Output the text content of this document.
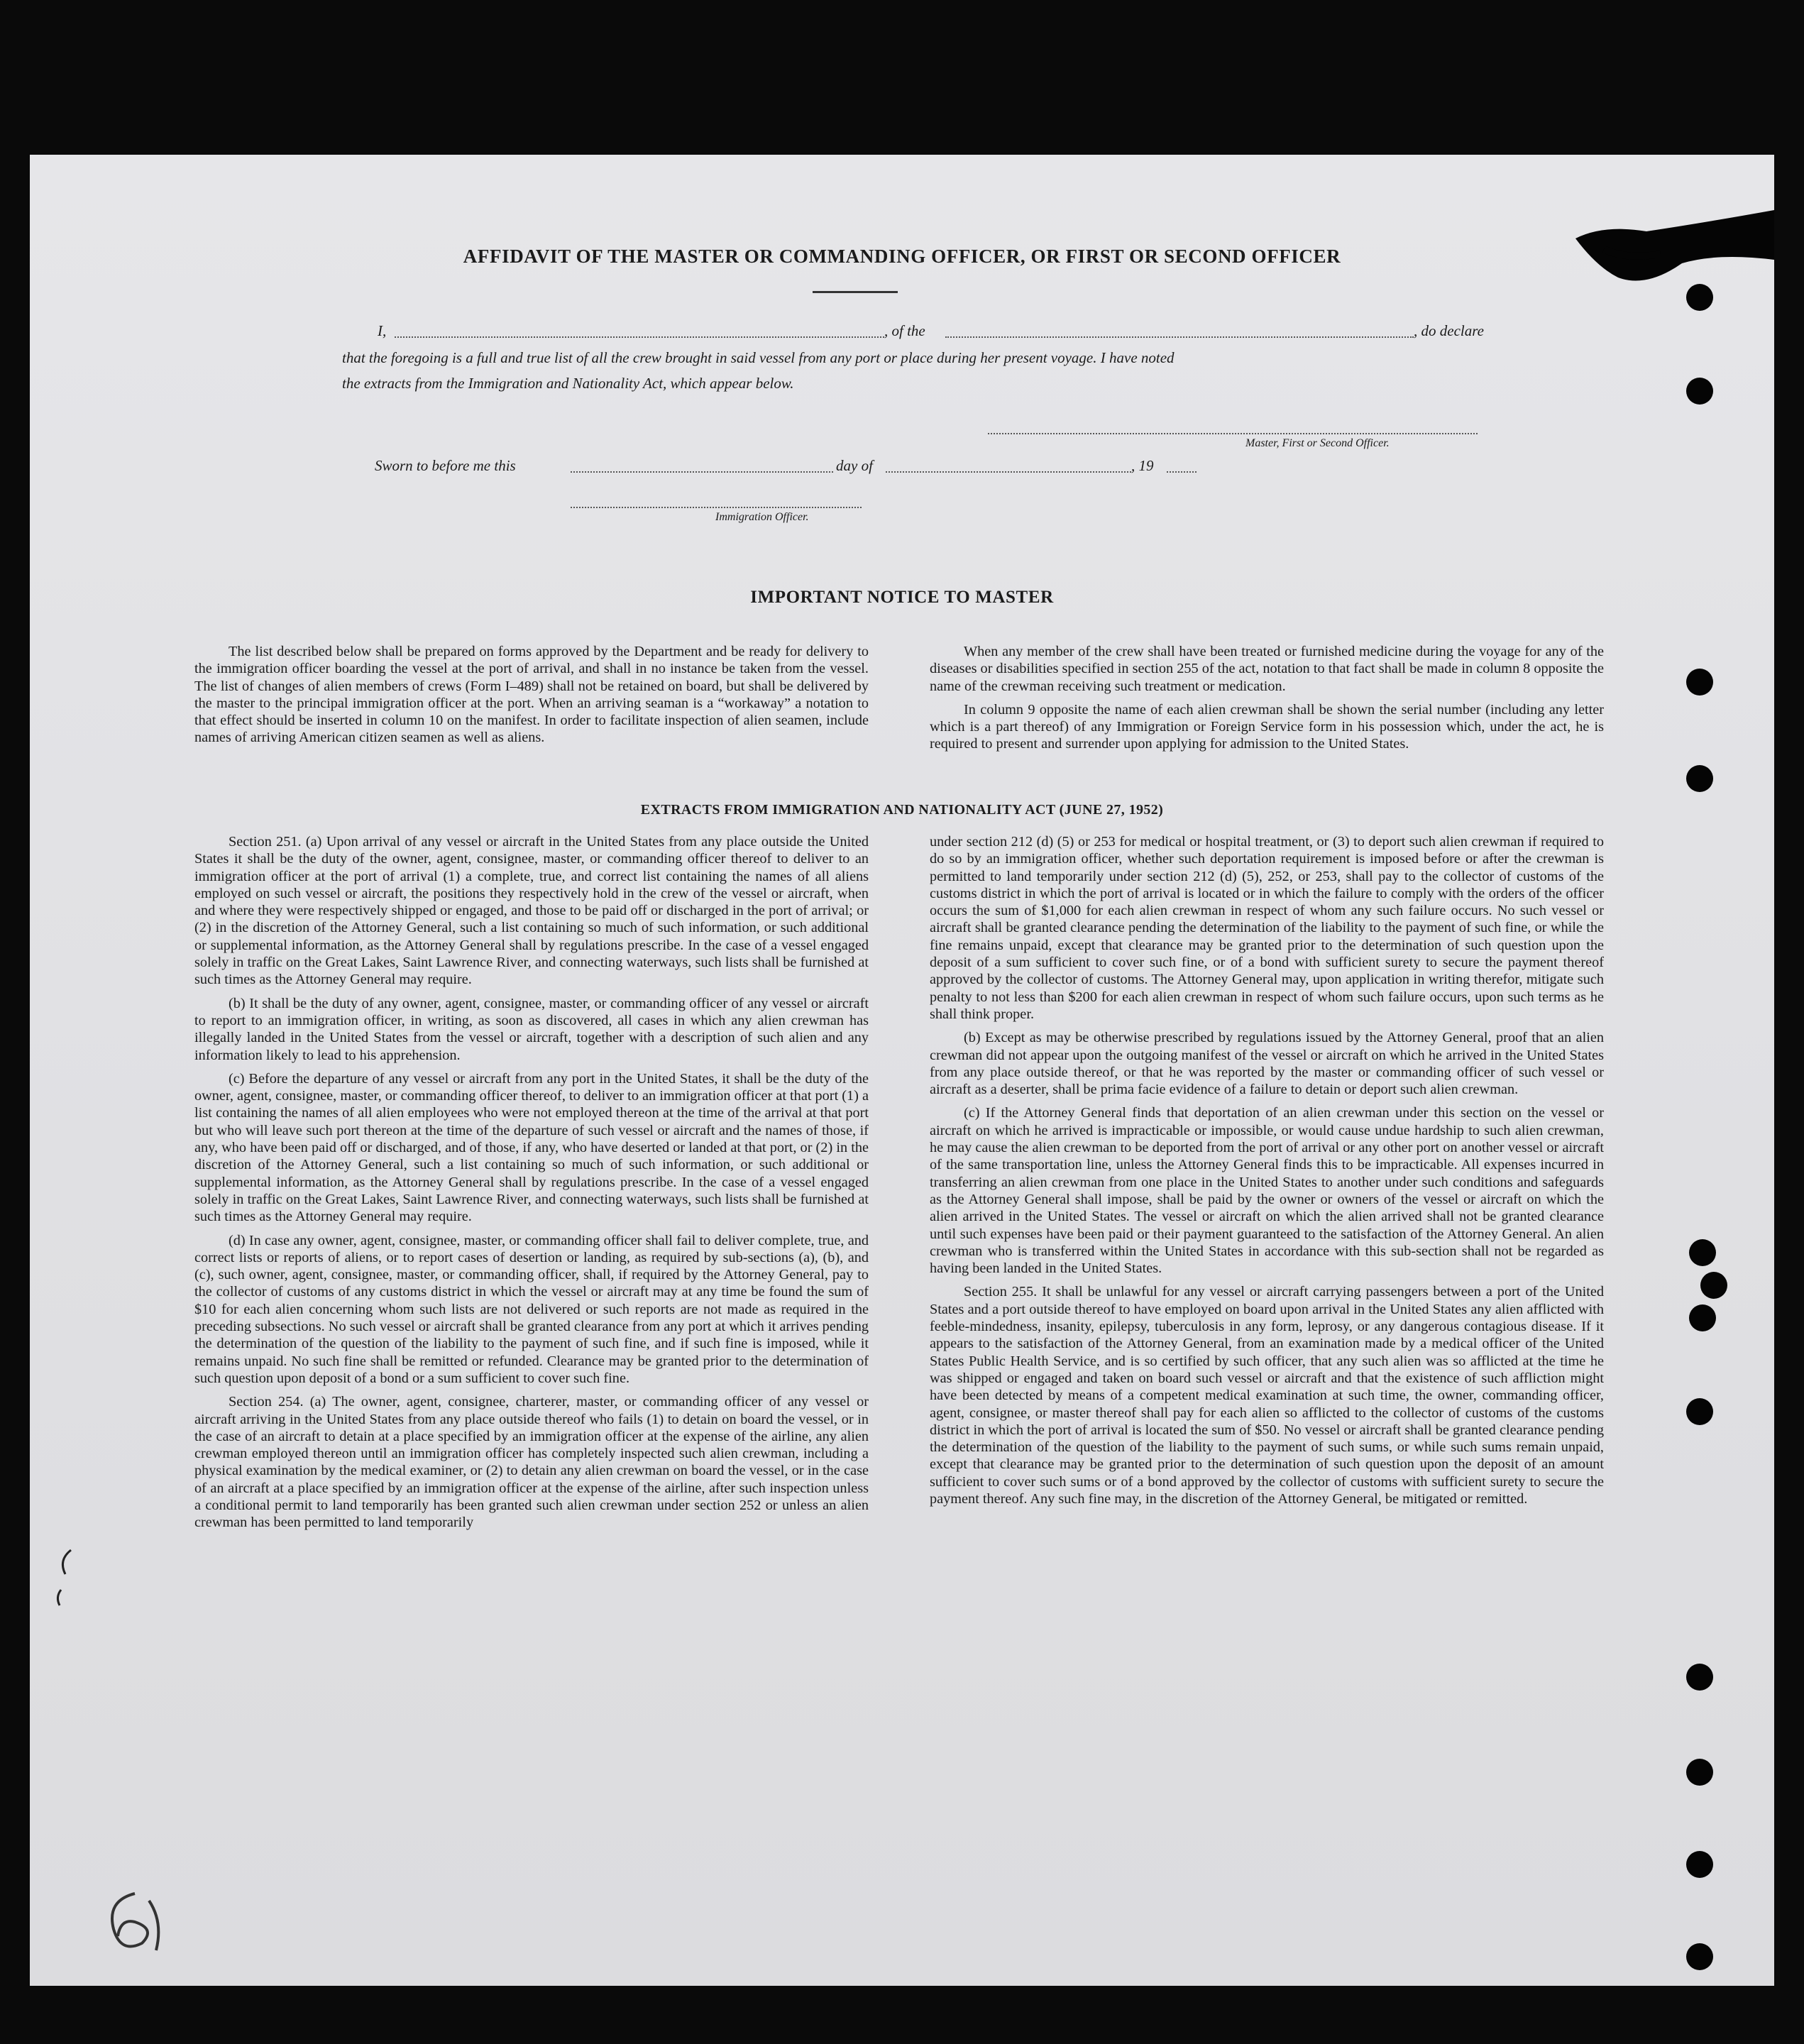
AFFIDAVIT OF THE MASTER OR COMMANDING OFFICER, OR FIRST OR SECOND OFFICER
I,	, of the	, do declare
that the foregoing is a full and true list of all the crew brought in said vessel from any port or place during her present voyage. I have noted
the extracts from the Immigration and Nationality Act, which appear below.
Master, First or Second Officer.
Sworn to before me this	day of	, 19
Immigration Officer.
IMPORTANT NOTICE TO MASTER

The list described below shall be prepared on forms approved by the Department and be ready for delivery to the immigration officer boarding the vessel at the port of arrival, and shall in no instance be taken from the vessel. The list of changes of alien members of crews (Form I–489) shall not be retained on board, but shall be delivered by the master to the principal immigration officer at the port. When an arriving seaman is a “workaway” a notation to that effect should be inserted in column 10 on the manifest. In order to facilitate inspection of alien seamen, include names of arriving American citizen seamen as well as aliens.

When any member of the crew shall have been treated or furnished medicine during the voyage for any of the diseases or disabilities specified in section 255 of the act, notation to that fact shall be made in column 8 opposite the name of the crewman receiving such treatment or medication.

In column 9 opposite the name of each alien crewman shall be shown the serial number (including any letter which is a part thereof) of any Immigration or Foreign Service form in his possession which, under the act, he is required to present and surrender upon applying for admission to the United States.

EXTRACTS FROM IMMIGRATION AND NATIONALITY ACT (JUNE 27, 1952)

Section 251. (a) Upon arrival of any vessel or aircraft in the United States from any place outside the United States it shall be the duty of the owner, agent, consignee, master, or commanding officer thereof to deliver to an immigration officer at the port of arrival (1) a complete, true, and correct list containing the names of all aliens employed on such vessel or aircraft, the positions they respectively hold in the crew of the vessel or aircraft, when and where they were respectively shipped or engaged, and those to be paid off or discharged in the port of arrival; or (2) in the discretion of the Attorney General, such a list containing so much of such information, or such additional or supplemental information, as the Attorney General shall by regulations prescribe. In the case of a vessel engaged solely in traffic on the Great Lakes, Saint Lawrence River, and connecting waterways, such lists shall be furnished at such times as the Attorney General may require.

(b) It shall be the duty of any owner, agent, consignee, master, or commanding officer of any vessel or aircraft to report to an immigration officer, in writing, as soon as discovered, all cases in which any alien crewman has illegally landed in the United States from the vessel or aircraft, together with a description of such alien and any information likely to lead to his apprehension.

(c) Before the departure of any vessel or aircraft from any port in the United States, it shall be the duty of the owner, agent, consignee, master, or commanding officer thereof, to deliver to an immigration officer at that port (1) a list containing the names of all alien employees who were not employed thereon at the time of the arrival at that port but who will leave such port thereon at the time of the departure of such vessel or aircraft and the names of those, if any, who have been paid off or discharged, and of those, if any, who have deserted or landed at that port, or (2) in the discretion of the Attorney General, such a list containing so much of such information, or such additional or supplemental information, as the Attorney General shall by regulations prescribe. In the case of a vessel engaged solely in traffic on the Great Lakes, Saint Lawrence River, and connecting waterways, such lists shall be furnished at such times as the Attorney General may require.

(d) In case any owner, agent, consignee, master, or commanding officer shall fail to deliver complete, true, and correct lists or reports of aliens, or to report cases of desertion or landing, as required by sub-sections (a), (b), and (c), such owner, agent, consignee, master, or commanding officer, shall, if required by the Attorney General, pay to the collector of customs of any customs district in which the vessel or aircraft may at any time be found the sum of $10 for each alien concerning whom such lists are not delivered or such reports are not made as required in the preceding subsections. No such vessel or aircraft shall be granted clearance from any port at which it arrives pending the determination of the question of the liability to the payment of such fine, and if such fine is imposed, while it remains unpaid. No such fine shall be remitted or refunded. Clearance may be granted prior to the determination of such question upon deposit of a bond or a sum sufficient to cover such fine.

Section 254. (a) The owner, agent, consignee, charterer, master, or commanding officer of any vessel or aircraft arriving in the United States from any place outside thereof who fails (1) to detain on board the vessel, or in the case of an aircraft to detain at a place specified by an immigration officer at the expense of the airline, any alien crewman employed thereon until an immigration officer has completely inspected such alien crewman, including a physical examination by the medical examiner, or (2) to detain any alien crewman on board the vessel, or in the case of an aircraft at a place specified by an immigration officer at the expense of the airline, after such inspection unless a conditional permit to land temporarily has been granted such alien crewman under section 252 or unless an alien crewman has been permitted to land temporarily

under section 212 (d) (5) or 253 for medical or hospital treatment, or (3) to deport such alien crewman if required to do so by an immigration officer, whether such deportation requirement is imposed before or after the crewman is permitted to land temporarily under section 212 (d) (5), 252, or 253, shall pay to the collector of customs of the customs district in which the port of arrival is located or in which the failure to comply with the orders of the officer occurs the sum of $1,000 for each alien crewman in respect of whom any such failure occurs. No such vessel or aircraft shall be granted clearance pending the determination of the liability to the payment of such fine, or while the fine remains unpaid, except that clearance may be granted prior to the determination of such question upon the deposit of a sum sufficient to cover such fine, or of a bond with sufficient surety to secure the payment thereof approved by the collector of customs. The Attorney General may, upon application in writing therefor, mitigate such penalty to not less than $200 for each alien crewman in respect of whom such failure occurs, upon such terms as he shall think proper.

(b) Except as may be otherwise prescribed by regulations issued by the Attorney General, proof that an alien crewman did not appear upon the outgoing manifest of the vessel or aircraft on which he arrived in the United States from any place outside thereof, or that he was reported by the master or commanding officer of such vessel or aircraft as a deserter, shall be prima facie evidence of a failure to detain or deport such alien crewman.

(c) If the Attorney General finds that deportation of an alien crewman under this section on the vessel or aircraft on which he arrived is impracticable or impossible, or would cause undue hardship to such alien crewman, he may cause the alien crewman to be deported from the port of arrival or any other port on another vessel or aircraft of the same transportation line, unless the Attorney General finds this to be impracticable. All expenses incurred in transferring an alien crewman from one place in the United States to another under such conditions and safeguards as the Attorney General shall impose, shall be paid by the owner or owners of the vessel or aircraft on which the alien arrived in the United States. The vessel or aircraft on which the alien arrived shall not be granted clearance until such expenses have been paid or their payment guaranteed to the satisfaction of the Attorney General. An alien crewman who is transferred within the United States in accordance with this sub-section shall not be regarded as having been landed in the United States.

Section 255. It shall be unlawful for any vessel or aircraft carrying passengers between a port of the United States and a port outside thereof to have employed on board upon arrival in the United States any alien afflicted with feeble-mindedness, insanity, epilepsy, tuberculosis in any form, leprosy, or any dangerous contagious disease. If it appears to the satisfaction of the Attorney General, from an examination made by a medical officer of the United States Public Health Service, and is so certified by such officer, that any such alien was so afflicted at the time he was shipped or engaged and taken on board such vessel or aircraft and that the existence of such affliction might have been detected by means of a competent medical examination at such time, the owner, commanding officer, agent, consignee, or master thereof shall pay for each alien so afflicted to the collector of customs of the customs district in which the port of arrival is located the sum of $50. No vessel or aircraft shall be granted clearance pending the determination of the question of the liability to the payment of such sums, or while such sums remain unpaid, except that clearance may be granted prior to the determination of such question upon the deposit of an amount sufficient to cover such sums or of a bond approved by the collector of customs with sufficient surety to secure the payment thereof. Any such fine may, in the discretion of the Attorney General, be mitigated or remitted.
